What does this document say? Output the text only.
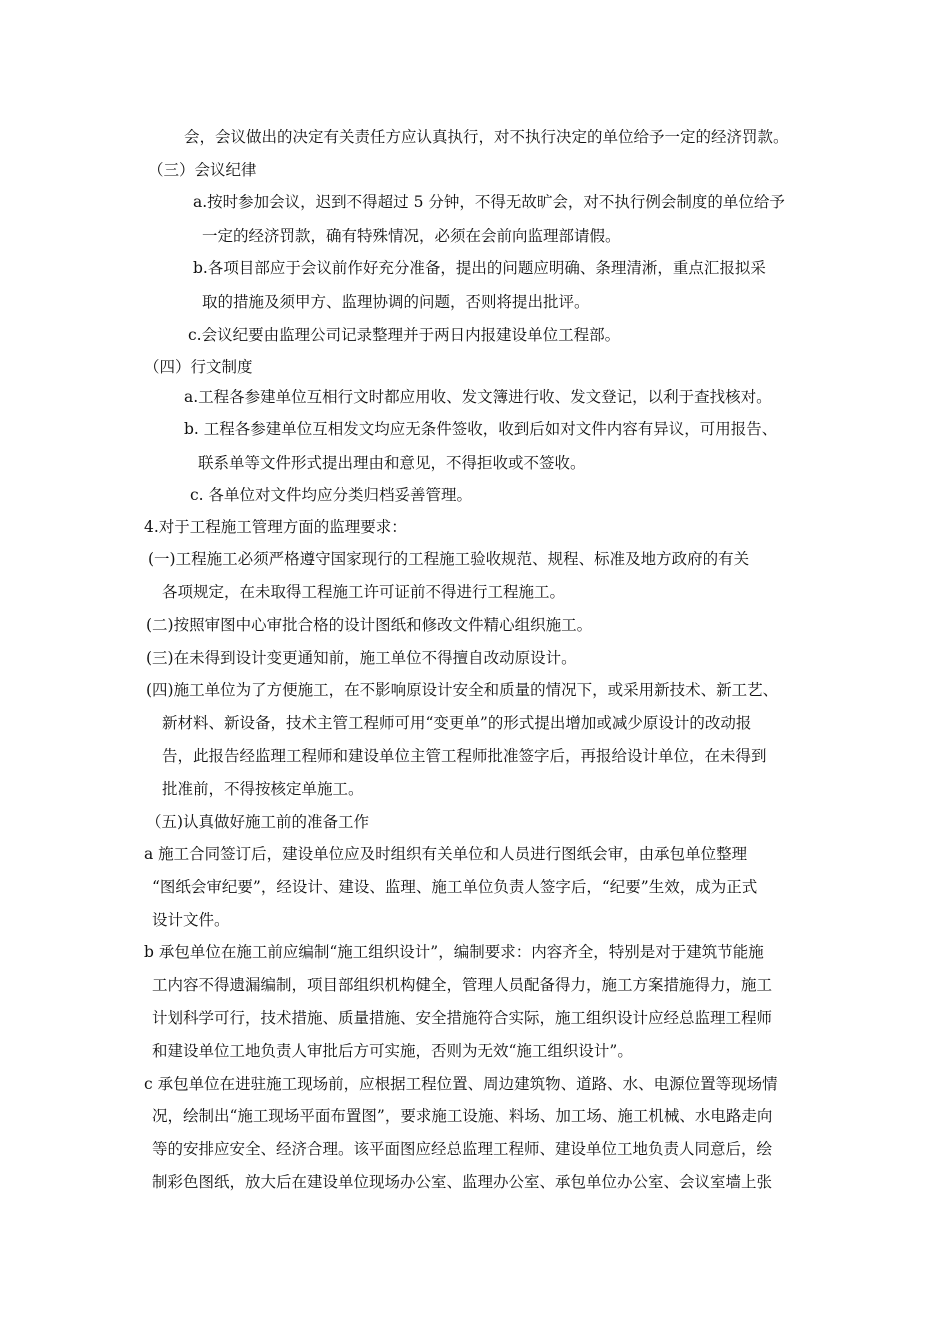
会，会议做出的决定有关责任方应认真执行，对不执行决定的单位给予一定的经济罚款。
（三）会议纪律
a.按时参加会议，迟到不得超过 5 分钟，不得无故旷会，对不执行例会制度的单位给予
一定的经济罚款，确有特殊情况，必须在会前向监理部请假。
b.各项目部应于会议前作好充分准备，提出的问题应明确、条理清淅，重点汇报拟采
取的措施及须甲方、监理协调的问题，否则将提出批评。
c.会议纪要由监理公司记录整理并于两日内报建设单位工程部。
（四）行文制度
a.工程各参建单位互相行文时都应用收、发文簿进行收、发文登记，以利于查找核对。
b. 工程各参建单位互相发文均应无条件签收，收到后如对文件内容有异议，可用报告、
联系单等文件形式提出理由和意见，不得拒收或不签收。
c. 各单位对文件均应分类归档妥善管理。
4.对于工程施工管理方面的监理要求：
(一)工程施工必须严格遵守国家现行的工程施工验收规范、规程、标准及地方政府的有关
各项规定，在未取得工程施工许可证前不得进行工程施工。
(二)按照审图中心审批合格的设计图纸和修改文件精心组织施工。
(三)在未得到设计变更通知前，施工单位不得擅自改动原设计。
(四)施工单位为了方便施工，在不影响原设计安全和质量的情况下，或采用新技术、新工艺、
新材料、新设备，技术主管工程师可用“变更单”的形式提出增加或减少原设计的改动报
告，此报告经监理工程师和建设单位主管工程师批准签字后，再报给设计单位，在未得到
批准前，不得按核定单施工。
（五)认真做好施工前的准备工作
a 施工合同签订后，建设单位应及时组织有关单位和人员进行图纸会审，由承包单位整理
“图纸会审纪要”，经设计、建设、监理、施工单位负责人签字后，“纪要”生效，成为正式
设计文件。
b 承包单位在施工前应编制“施工组织设计”，编制要求：内容齐全，特别是对于建筑节能施
工内容不得遗漏编制，项目部组织机构健全，管理人员配备得力，施工方案措施得力，施工
计划科学可行，技术措施、质量措施、安全措施符合实际，施工组织设计应经总监理工程师
和建设单位工地负责人审批后方可实施，否则为无效“施工组织设计”。
c 承包单位在进驻施工现场前，应根据工程位置、周边建筑物、道路、水、电源位置等现场情
况，绘制出“施工现场平面布置图”，要求施工设施、料场、加工场、施工机械、水电路走向
等的安排应安全、经济合理。该平面图应经总监理工程师、建设单位工地负责人同意后，绘
制彩色图纸，放大后在建设单位现场办公室、监理办公室、承包单位办公室、会议室墙上张
